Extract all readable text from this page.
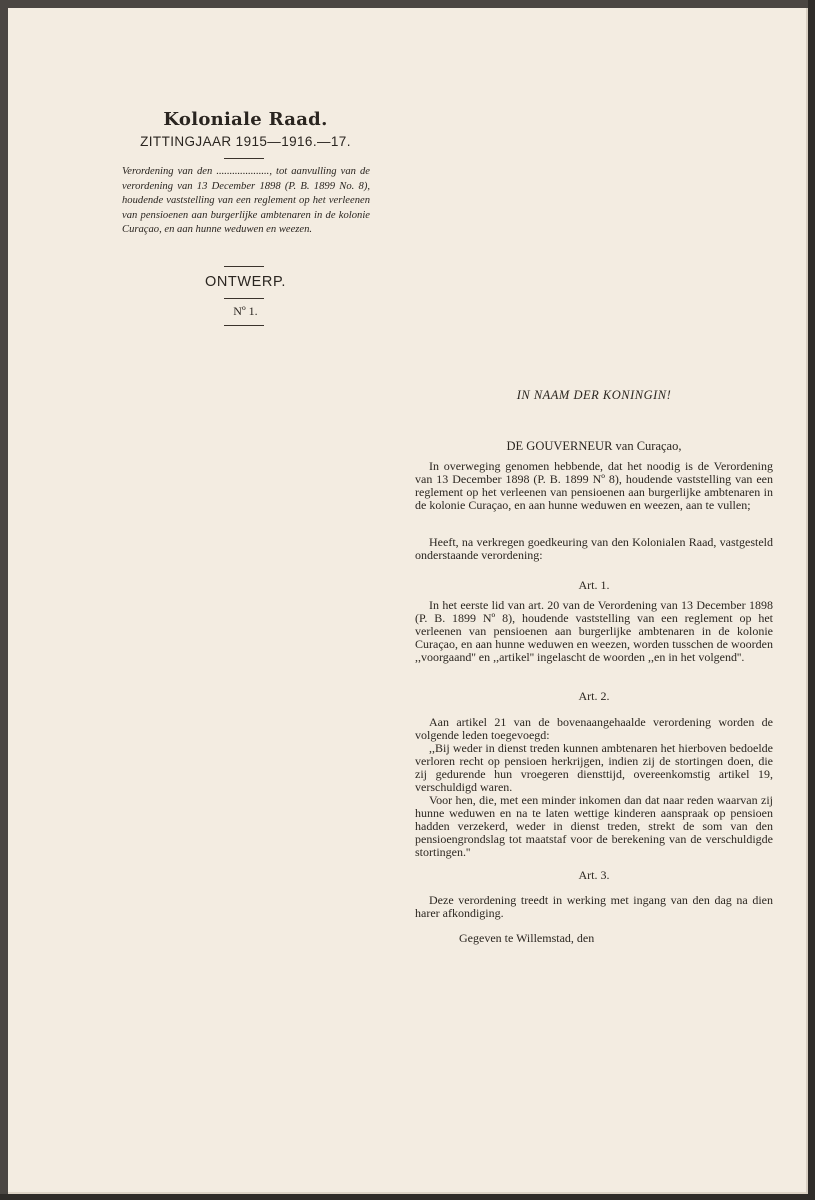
Koloniale Raad.
ZITTINGJAAR 1915—1916.—17.
Verordening van den ...................., tot aanvulling van de verordening van 13 December 1898 (P. B. 1899 No. 8), houdende vaststelling van een reglement op het verleenen van pensioenen aan burgerlijke ambtenaren in de kolonie Curaçao, en aan hunne weduwen en weezen.
ONTWERP.
Nº 1.
IN NAAM DER KONINGIN!
DE GOUVERNEUR van Curaçao,

In overweging genomen hebbende, dat het noodig is de Verordening van 13 December 1898 (P. B. 1899 Nº 8), houdende vaststelling van een reglement op het verleenen van pensioenen aan burgerlijke ambtenaren in de kolonie Curaçao, en aan hunne weduwen en weezen, aan te vullen;

Heeft, na verkregen goedkeuring van den Kolonialen Raad, vastgesteld onderstaande verordening:

Art. 1.

In het eerste lid van art. 20 van de Verordening van 13 December 1898 (P. B. 1899 Nº 8), houdende vaststelling van een reglement op het verleenen van pensioenen aan burgerlijke ambtenaren in de kolonie Curaçao, en aan hunne weduwen en weezen, worden tusschen de woorden ,,voorgaand'' en ,,artikel'' ingelascht de woorden ,,en in het volgend''.

Art. 2.

Aan artikel 21 van de bovenaangehaalde verordening worden de volgende leden toegevoegd:

,,Bij weder in dienst treden kunnen ambtenaren het hierboven bedoelde verloren recht op pensioen herkrijgen, indien zij de stortingen doen, die zij gedurende hun vroegeren diensttijd, overeenkomstig artikel 19, verschuldigd waren.

Voor hen, die, met een minder inkomen dan dat naar reden waarvan zij hunne weduwen en na te laten wettige kinderen aanspraak op pensioen hadden verzekerd, weder in dienst treden, strekt de som van den pensioengrondslag tot maatstaf voor de berekening van de verschuldigde stortingen.''

Art. 3.

Deze verordening treedt in werking met ingang van den dag na dien harer afkondiging.

Gegeven te Willemstad, den
